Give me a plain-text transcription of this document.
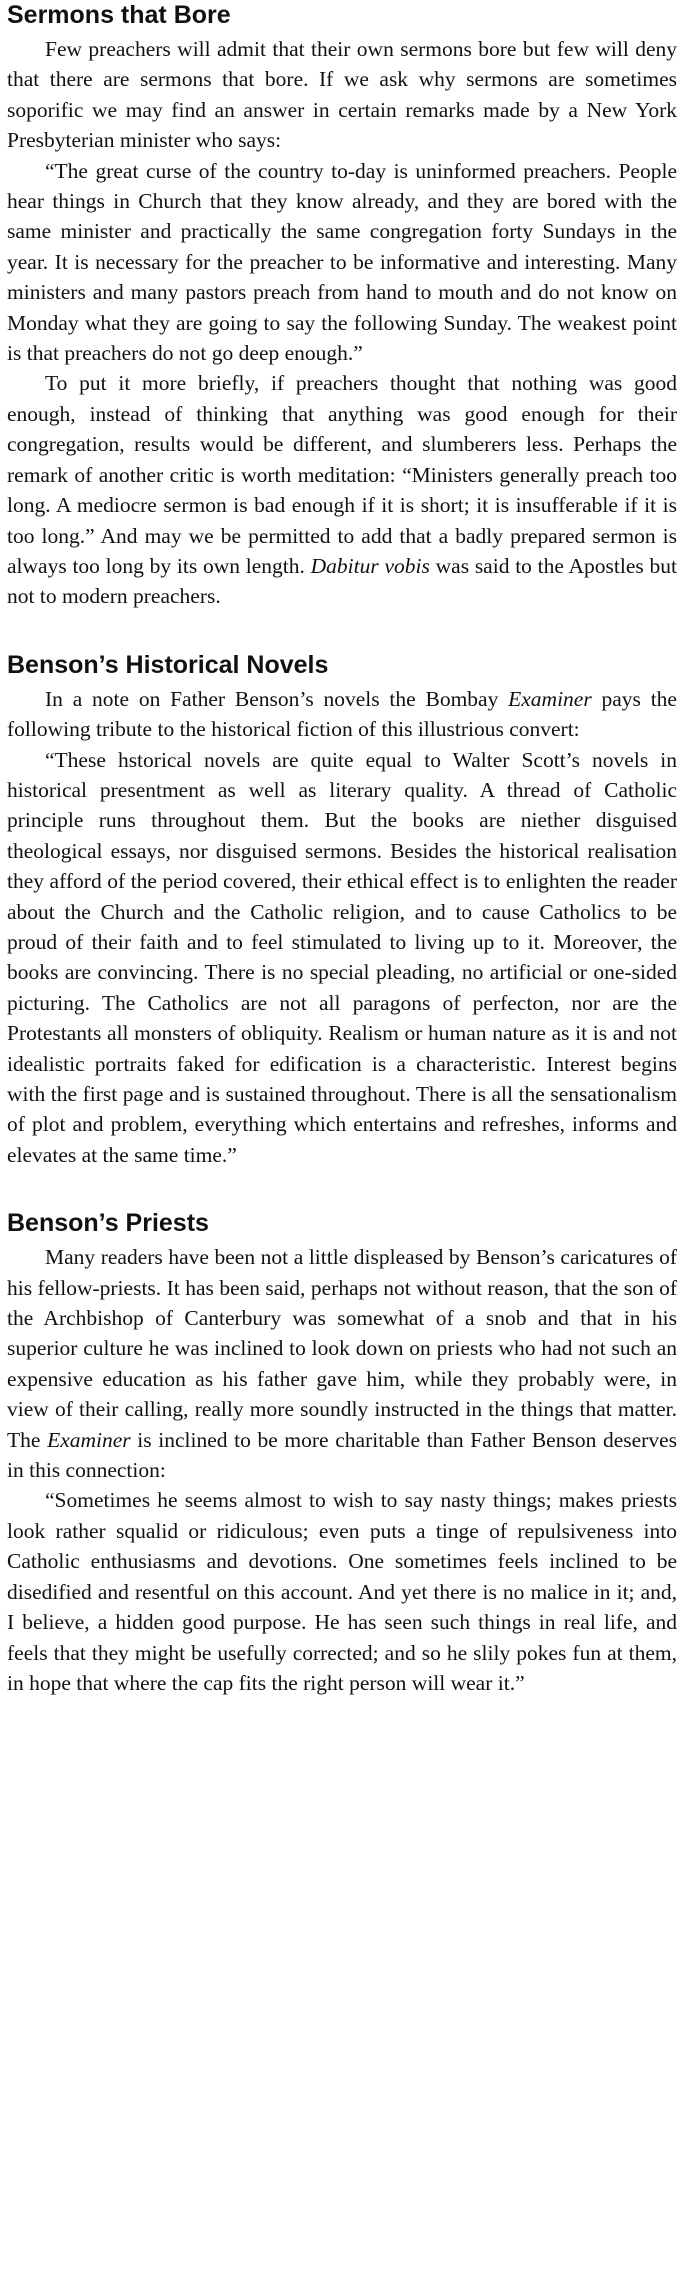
Sermons that Bore

Few preachers will admit that their own sermons bore but few will deny that there are sermons that bore. If we ask why sermons are sometimes soporific we may find an answer in certain remarks made by a New York Presbyterian minister who says:

“The great curse of the country to-day is uninformed preachers. People hear things in Church that they know already, and they are bored with the same minister and practically the same congregation forty Sundays in the year. It is necessary for the preacher to be informative and interesting. Many ministers and many pastors preach from hand to mouth and do not know on Monday what they are going to say the following Sunday. The weakest point is that preachers do not go deep enough.”

To put it more briefly, if preachers thought that nothing was good enough, instead of thinking that anything was good enough for their congregation, results would be different, and slumberers less. Perhaps the remark of another critic is worth meditation: “Ministers generally preach too long. A mediocre sermon is bad enough if it is short; it is insufferable if it is too long.” And may we be permitted to add that a badly prepared sermon is always too long by its own length. Dabitur vobis was said to the Apostles but not to modern preachers.

Benson’s Historical Novels

In a note on Father Benson’s novels the Bombay Examiner pays the following tribute to the historical fiction of this illustrious convert:

“These hstorical novels are quite equal to Walter Scott’s novels in historical presentment as well as literary quality. A thread of Catholic principle runs throughout them. But the books are niether disguised theological essays, nor disguised sermons. Besides the historical realisation they afford of the period covered, their ethical effect is to enlighten the reader about the Church and the Catholic religion, and to cause Catholics to be proud of their faith and to feel stimulated to living up to it. Moreover, the books are convincing. There is no special pleading, no artificial or one-sided picturing. The Catholics are not all paragons of perfecton, nor are the Protestants all monsters of obliquity. Realism or human nature as it is and not idealistic portraits faked for edification is a characteristic. Interest begins with the first page and is sustained throughout. There is all the sensationalism of plot and problem, everything which entertains and refreshes, informs and elevates at the same time.”

Benson’s Priests

Many readers have been not a little displeased by Benson’s caricatures of his fellow-priests. It has been said, perhaps not without reason, that the son of the Archbishop of Canterbury was somewhat of a snob and that in his superior culture he was inclined to look down on priests who had not such an expensive education as his father gave him, while they probably were, in view of their calling, really more soundly instructed in the things that matter. The Examiner is inclined to be more charitable than Father Benson deserves in this connection:

“Sometimes he seems almost to wish to say nasty things; makes priests look rather squalid or ridiculous; even puts a tinge of repulsiveness into Catholic enthusiasms and devotions. One sometimes feels inclined to be disedified and resentful on this account. And yet there is no malice in it; and, I believe, a hidden good purpose. He has seen such things in real life, and feels that they might be usefully corrected; and so he slily pokes fun at them, in hope that where the cap fits the right person will wear it.”
